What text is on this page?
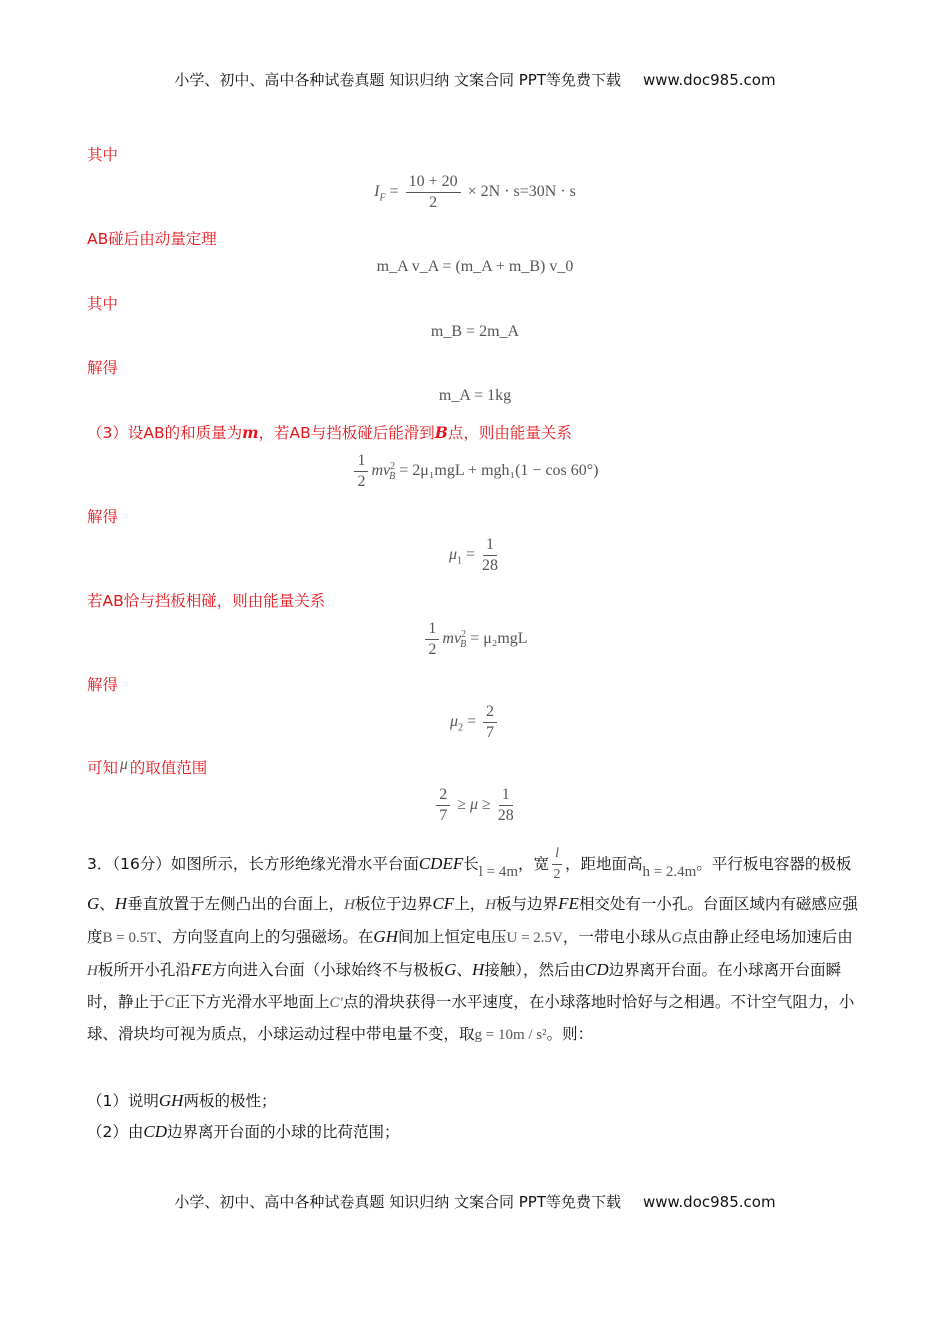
小学、初中、高中各种试卷真题 知识归纳 文案合同 PPT等免费下载 www.doc985.com
其中
$I_F = \frac{10 + 20}{2} \times 2N \cdot s=30N \cdot s$
AB碰后由动量定理
m_A v_A = (m_A + m_B) v_0
其中
m_B = 2m_A
解得
m_A = 1kg
（3）设AB的和质量为m，若AB与挡板碰后能滑到B点，则由能量关系
$\frac{1}{2} mv^2_B = 2\mu_1mgL + mgh_1(1 - \cos 60^\circ)$
解得
$\mu_1 = \frac{1}{28}$
若AB恰与挡板相碰，则由能量关系
$\frac{1}{2} mv^2_B = \mu_2mgL$
解得
$\mu_2 = \frac{2}{7}$
可知 μ 的取值范围
$\frac{2}{7} \ge \mu \ge \frac{1}{28}$
3．（16分）如图所示，长方形绝缘光滑水平台面CDEF长l = 4m，宽 $\frac{l}{2}$ ，距地面高h = 2.4m。平行板电容器的极板G、H垂直放置于左侧凸出的台面上，H板位于边界CF上，H板与边界FE相交处有一小孔。台面区域内有磁感应强度B = 0.5T、方向竖直向上的匀强磁场。在GH间加上恒定电压U = 2.5V，一带电小球从G点由静止经电场加速后由H板所开小孔沿FE方向进入台面（小球始终不与极板G、H接触），然后由CD边界离开台面。在小球离开台面瞬时，静止于C正下方光滑水平地面上C′点的滑块获得一水平速度，在小球落地时恰好与之相遇。不计空气阻力，小球、滑块均可视为质点，小球运动过程中带电量不变，取g = 10m / s²。则：
（1）说明GH两板的极性；
（2）由CD边界离开台面的小球的比荷范围；
小学、初中、高中各种试卷真题 知识归纳 文案合同 PPT等免费下载 www.doc985.com
